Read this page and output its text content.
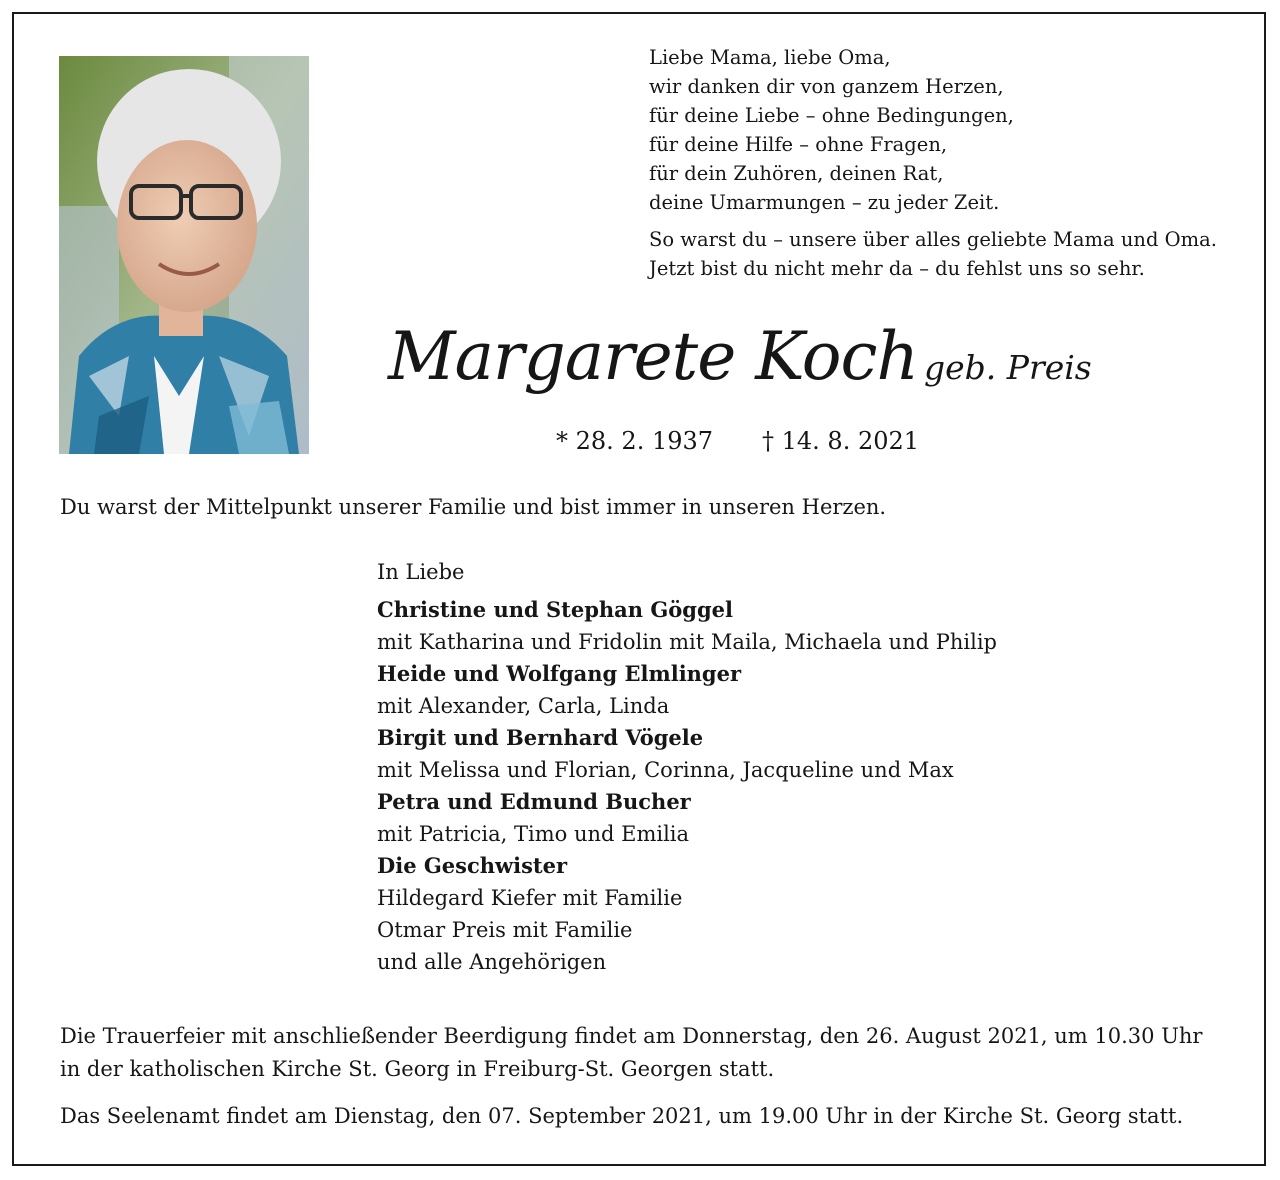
Liebe Mama, liebe Oma,
wir danken dir von ganzem Herzen,
für deine Liebe – ohne Bedingungen,
für deine Hilfe – ohne Fragen,
für dein Zuhören, deinen Rat,
deine Umarmungen – zu jeder Zeit.
So warst du – unsere über alles geliebte Mama und Oma.
Jetzt bist du nicht mehr da – du fehlst uns so sehr.
Margarete Koch geb. Preis
* 28. 2. 1937 † 14. 8. 2021
Du warst der Mittelpunkt unserer Familie und bist immer in unseren Herzen.
In Liebe
Christine und Stephan Göggel
mit Katharina und Fridolin mit Maila, Michaela und Philip
Heide und Wolfgang Elmlinger
mit Alexander, Carla, Linda
Birgit und Bernhard Vögele
mit Melissa und Florian, Corinna, Jacqueline und Max
Petra und Edmund Bucher
mit Patricia, Timo und Emilia
Die Geschwister
Hildegard Kiefer mit Familie
Otmar Preis mit Familie
und alle Angehörigen
Die Trauerfeier mit anschließender Beerdigung findet am Donnerstag, den 26. August 2021, um 10.30 Uhr
in der katholischen Kirche St. Georg in Freiburg-St. Georgen statt.
Das Seelenamt findet am Dienstag, den 07. September 2021, um 19.00 Uhr in der Kirche St. Georg statt.
